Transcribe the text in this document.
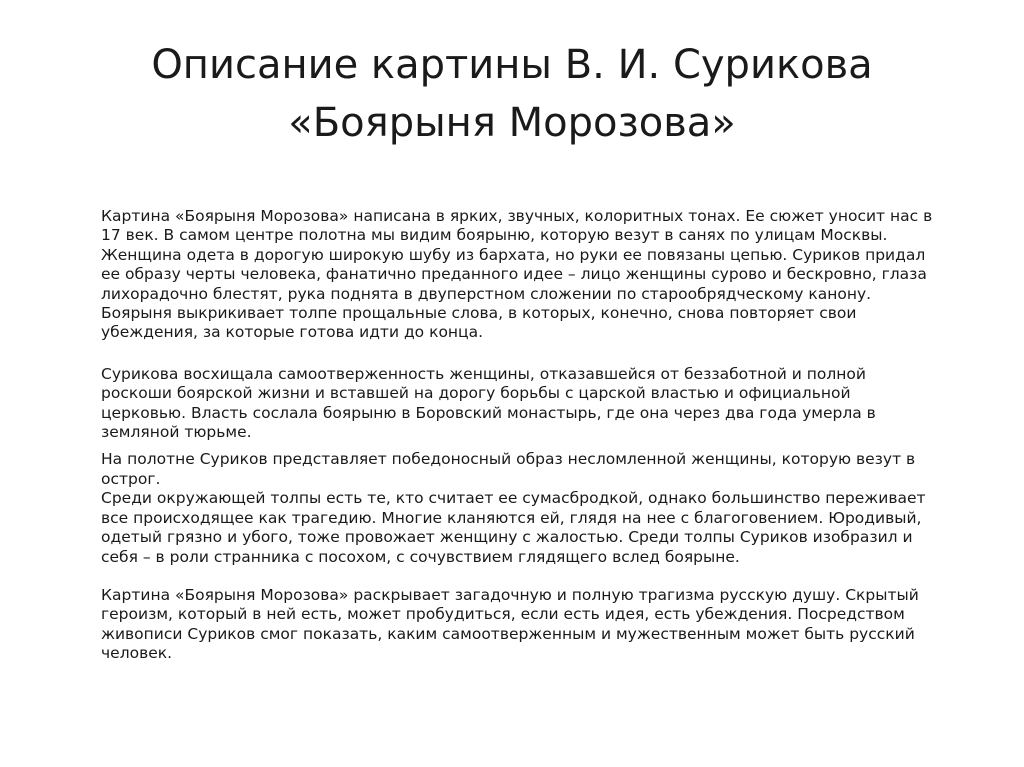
Описание картины В. И. Сурикова
«Боярыня Морозова»

Картина «Боярыня Морозова» написана в ярких, звучных, колоритных тонах. Ее сюжет уносит нас в
17 век. В самом центре полотна мы видим боярыню, которую везут в санях по улицам Москвы.
Женщина одета в дорогую широкую шубу из бархата, но руки ее повязаны цепью. Суриков придал
ее образу черты человека, фанатично преданного идее – лицо женщины сурово и бескровно, глаза
лихорадочно блестят, рука поднята в двуперстном сложении по старообрядческому канону.
Боярыня выкрикивает толпе прощальные слова, в которых, конечно, снова повторяет свои
убеждения, за которые готова идти до конца.

Сурикова восхищала самоотверженность женщины, отказавшейся от беззаботной и полной
роскоши боярской жизни и вставшей на дорогу борьбы с царской властью и официальной
церковью. Власть сослала боярыню в Боровский монастырь, где она через два года умерла в
земляной тюрьме.

На полотне Суриков представляет победоносный образ несломленной женщины, которую везут в
острог.
Среди окружающей толпы есть те, кто считает ее сумасбродкой, однако большинство переживает
все происходящее как трагедию. Многие кланяются ей, глядя на нее с благоговением. Юродивый,
одетый грязно и убого, тоже провожает женщину с жалостью. Среди толпы Суриков изобразил и
себя – в роли странника с посохом, с сочувствием глядящего вслед боярыне.

Картина «Боярыня Морозова» раскрывает загадочную и полную трагизма русскую душу. Скрытый
героизм, который в ней есть, может пробудиться, если есть идея, есть убеждения. Посредством
живописи Суриков смог показать, каким самоотверженным и мужественным может быть русский
человек.
